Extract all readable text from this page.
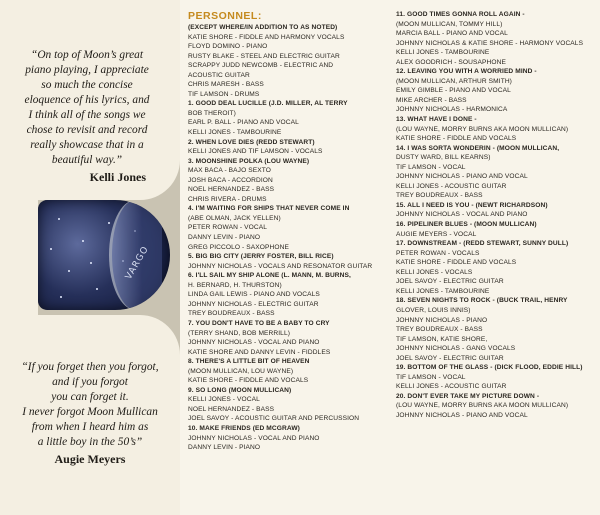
VARGO
“On top of Moon’s great
piano playing, I appreciate
so much the concise
eloquence of his lyrics, and
I think all of the songs we
chose to revisit and record
really showcase that in a
beautiful way.”
Kelli Jones
“If you forget then you forgot,
and if you forgot
you can forget it.
I never forgot Moon Mullican
from when I heard him as
a little boy in the 50’s”
Augie Meyers
PERSONNEL:
(EXCEPT WHERE/IN ADDITION TO AS NOTED)
KATIE SHORE - FIDDLE AND HARMONY VOCALS
FLOYD DOMINO - PIANO
RUSTY BLAKE - STEEL AND ELECTRIC GUITAR
SCRAPPY JUDD NEWCOMB - ELECTRIC AND
ACOUSTIC GUITAR
CHRIS MARESH - BASS
TIF LAMSON - DRUMS
1. GOOD DEAL LUCILLE (J.D. MILLER, AL TERRY
BOB THEROIT)
EARL P. BALL - PIANO AND VOCAL
KELLI JONES - TAMBOURINE
2. WHEN LOVE DIES (REDD STEWART)
KELLI JONES AND TIF LAMSON - VOCALS
3. MOONSHINE POLKA (LOU WAYNE)
MAX BACA - BAJO SEXTO
JOSH BACA - ACCORDION
NOEL HERNANDEZ - BASS
CHRIS RIVERA - DRUMS
4. I'M WAITING FOR SHIPS THAT NEVER COME IN
(ABE OLMAN, JACK YELLEN)
PETER ROWAN - VOCAL
DANNY LEVIN - PIANO
GREG PICCOLO - SAXOPHONE
5. BIG BIG CITY (JERRY FOSTER, BILL RICE)
JOHNNY NICHOLAS - VOCALS AND RESONATOR GUITAR
6. I'LL SAIL MY SHIP ALONE (L. MANN, M. BURNS,
H. BERNARD, H. THURSTON)
LINDA GAIL LEWIS - PIANO AND VOCALS
JOHNNY NICHOLAS - ELECTRIC GUITAR
TREY BOUDREAUX - BASS
7. YOU DON'T HAVE TO BE A BABY TO CRY
(TERRY SHAND, BOB MERRILL)
JOHNNY NICHOLAS - VOCAL AND PIANO
KATIE SHORE AND DANNY LEVIN - FIDDLES
8. THERE'S A LITTLE BIT OF HEAVEN
(MOON MULLICAN, LOU WAYNE)
KATIE SHORE - FIDDLE AND VOCALS
9. SO LONG (MOON MULLICAN)
KELLI JONES - VOCAL
NOEL HERNANDEZ - BASS
JOEL SAVOY - ACOUSTIC GUITAR AND PERCUSSION
10. MAKE FRIENDS (ED MCGRAW)
JOHNNY NICHOLAS - VOCAL AND PIANO
DANNY LEVIN - PIANO
11. GOOD TIMES GONNA ROLL AGAIN -
(MOON MULLICAN, TOMMY HILL)
MARCIA BALL - PIANO AND VOCAL
JOHNNY NICHOLAS & KATIE SHORE - HARMONY VOCALS
KELLI JONES - TAMBOURINE
ALEX GOODRICH - SOUSAPHONE
12. LEAVING YOU WITH A WORRIED MIND -
(MOON MULLICAN, ARTHUR SMITH)
EMILY GIMBLE - PIANO AND VOCAL
MIKE ARCHER - BASS
JOHNNY NICHOLAS - HARMONICA
13. WHAT HAVE I DONE -
(LOU WAYNE, MORRY BURNS AKA MOON MULLICAN)
KATIE SHORE - FIDDLE AND VOCALS
14. I WAS SORTA WONDERIN - (MOON MULLICAN,
DUSTY WARD, BILL KEARNS)
TIF LAMSON - VOCAL
JOHNNY NICHOLAS - PIANO AND VOCAL
KELLI JONES - ACOUSTIC GUITAR
TREY BOUDREAUX - BASS
15. ALL I NEED IS YOU - (NEWT RICHARDSON)
JOHNNY NICHOLAS - VOCAL AND PIANO
16. PIPELINER BLUES - (MOON MULLICAN)
AUGIE MEYERS - VOCAL
17. DOWNSTREAM - (REDD STEWART, SUNNY DULL)
PETER ROWAN - VOCALS
KATIE SHORE - FIDDLE AND VOCALS
KELLI JONES - VOCALS
JOEL SAVOY - ELECTRIC GUITAR
KELLI JONES - TAMBOURINE
18. SEVEN NIGHTS TO ROCK - (BUCK TRAIL, HENRY
GLOVER, LOUIS INNIS)
JOHNNY NICHOLAS - PIANO
TREY BOUDREAUX - BASS
TIF LAMSON, KATIE SHORE,
JOHNNY NICHOLAS - GANG VOCALS
JOEL SAVOY - ELECTRIC GUITAR
19. BOTTOM OF THE GLASS - (DICK FLOOD, EDDIE HILL)
TIF LAMSON - VOCAL
KELLI JONES - ACOUSTIC GUITAR
20. DON'T EVER TAKE MY PICTURE DOWN -
(LOU WAYNE, MORRY BURNS AKA MOON MULLICAN)
JOHNNY NICHOLAS - PIANO AND VOCAL
